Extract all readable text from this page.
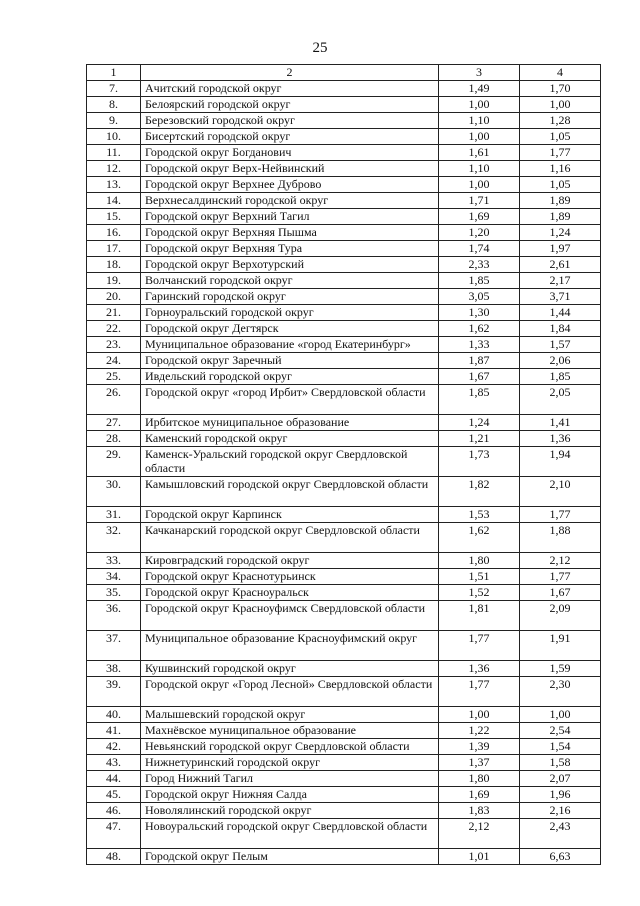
25
1	2	3	4
7.	Ачитский городской округ	1,49	1,70
8.	Белоярский городской округ	1,00	1,00
9.	Березовский городской округ	1,10	1,28
10.	Бисертский городской округ	1,00	1,05
11.	Городской округ Богданович	1,61	1,77
12.	Городской округ Верх-Нейвинский	1,10	1,16
13.	Городской округ Верхнее Дуброво	1,00	1,05
14.	Верхнесалдинский городской округ	1,71	1,89
15.	Городской округ Верхний Тагил	1,69	1,89
16.	Городской округ Верхняя Пышма	1,20	1,24
17.	Городской округ Верхняя Тура	1,74	1,97
18.	Городской округ Верхотурский	2,33	2,61
19.	Волчанский городской округ	1,85	2,17
20.	Гаринский городской округ	3,05	3,71
21.	Горноуральский городской округ	1,30	1,44
22.	Городской округ Дегтярск	1,62	1,84
23.	Муниципальное образование «город Екатеринбург»	1,33	1,57
24.	Городской округ Заречный	1,87	2,06
25.	Ивдельский городской округ	1,67	1,85
26.	Городской округ «город Ирбит» Свердловской области	1,85	2,05
27.	Ирбитское муниципальное образование	1,24	1,41
28.	Каменский городской округ	1,21	1,36
29.	Каменск-Уральский городской округ Свердловской области	1,73	1,94
30.	Камышловский городской округ Свердловской области	1,82	2,10
31.	Городской округ Карпинск	1,53	1,77
32.	Качканарский городской округ Свердловской области	1,62	1,88
33.	Кировградский городской округ	1,80	2,12
34.	Городской округ Краснотурьинск	1,51	1,77
35.	Городской округ Красноуральск	1,52	1,67
36.	Городской округ Красноуфимск Свердловской области	1,81	2,09
37.	Муниципальное образование Красноуфимский округ	1,77	1,91
38.	Кушвинский городской округ	1,36	1,59
39.	Городской округ «Город Лесной» Свердловской области	1,77	2,30
40.	Малышевский городской округ	1,00	1,00
41.	Махнёвское муниципальное образование	1,22	2,54
42.	Невьянский городской округ Свердловской области	1,39	1,54
43.	Нижнетуринский городской округ	1,37	1,58
44.	Город Нижний Тагил	1,80	2,07
45.	Городской округ Нижняя Салда	1,69	1,96
46.	Новолялинский городской округ	1,83	2,16
47.	Новоуральский городской округ Свердловской области	2,12	2,43
48.	Городской округ Пелым	1,01	6,63
